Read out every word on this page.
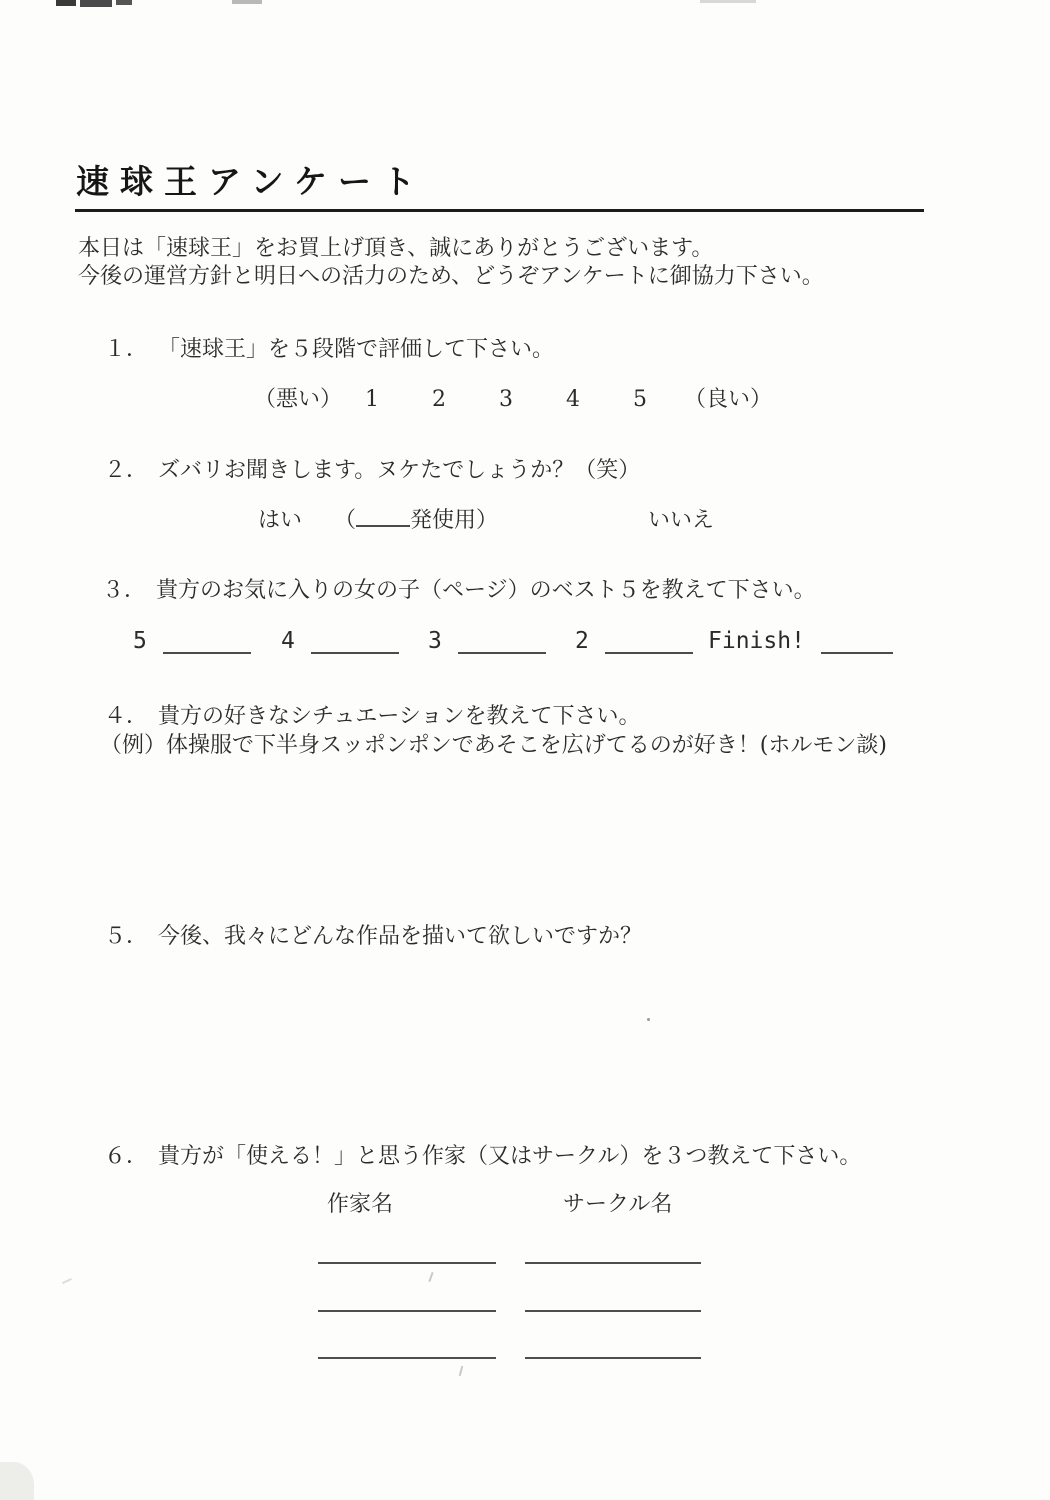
速球王アンケート
本日は「速球王」をお買上げ頂き、誠にありがとうございます。
今後の運営方針と明日への活力のため、どうぞアンケートに御協力下さい。
１． 「速球王」を５段階で評価して下さい。
（悪い） 1 2 3 4 5 （良い）
２． ズバリお聞きします。ヌケたでしょうか？（笑）
はい （ 発使用）	いいえ
３． 貴方のお気に入りの女の子（ページ）のベスト５を教えて下さい。
5	4	3	2	Finish!
４． 貴方の好きなシチュエーションを教えて下さい。
（例）体操服で下半身スッポンポンであそこを広げてるのが好き！(ホルモン談)
５． 今後、我々にどんな作品を描いて欲しいですか？
６． 貴方が「使える！」と思う作家（又はサークル）を３つ教えて下さい。
作家名	サークル名
